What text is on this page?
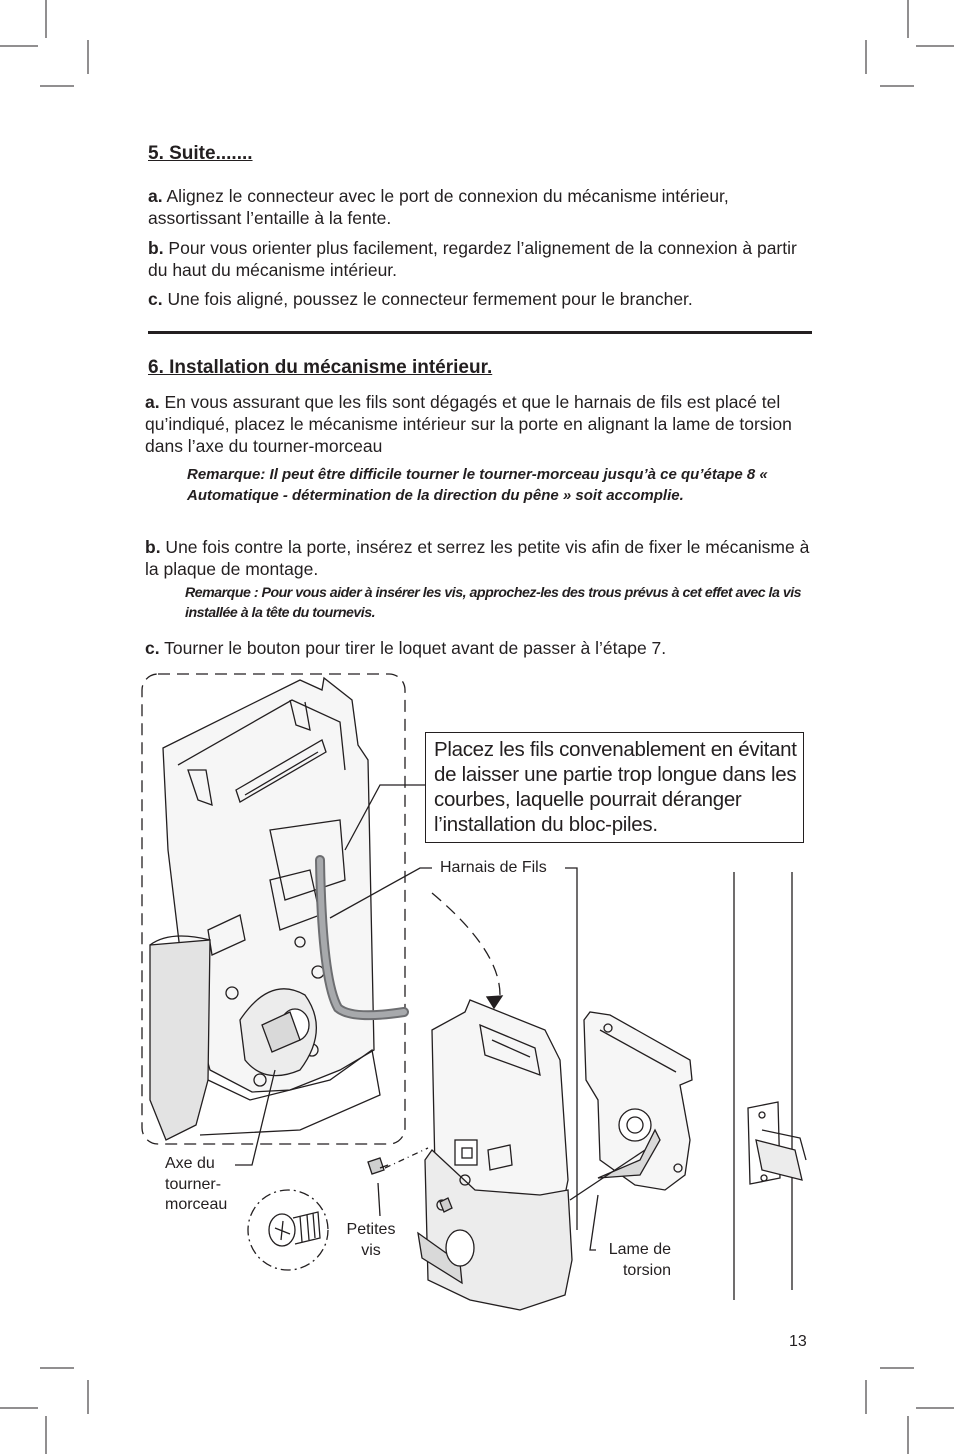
5. Suite.......
a. Alignez le connecteur avec le port de connexion du mécanisme intérieur, assortissant l’entaille à la fente.
b. Pour vous orienter plus facilement, regardez l’alignement de la connexion à partir du haut du mécanisme intérieur.
c. Une fois aligné, poussez le connecteur fermement pour le brancher.
6. Installation du mécanisme intérieur.
a. En vous assurant que les fils sont dégagés et que le harnais de fils est placé tel qu’indiqué, placez le mécanisme intérieur sur la porte en alignant la lame de torsion dans l’axe du tourner-morceau
Remarque: Il peut être difficile tourner le tourner-morceau jusqu’à ce qu’étape 8 « Automatique - détermination de la direction du pêne » soit accomplie.
b. Une fois contre la porte, insérez et serrez les petite vis afin de fixer le mécanisme à la plaque de montage.
Remarque : Pour vous aider à insérer les vis, approchez-les des trous prévus à cet effet avec la vis installée à la tête du tournevis.
c. Tourner le bouton pour tirer le loquet avant de passer à l’étape 7.
Placez les fils convenablement en évitant de laisser une partie trop longue dans les courbes, laquelle pourrait déranger l’installation du bloc-piles.
Harnais de Fils
Axe du
tourner-
morceau
Petites
vis	Lame de
torsion
13
